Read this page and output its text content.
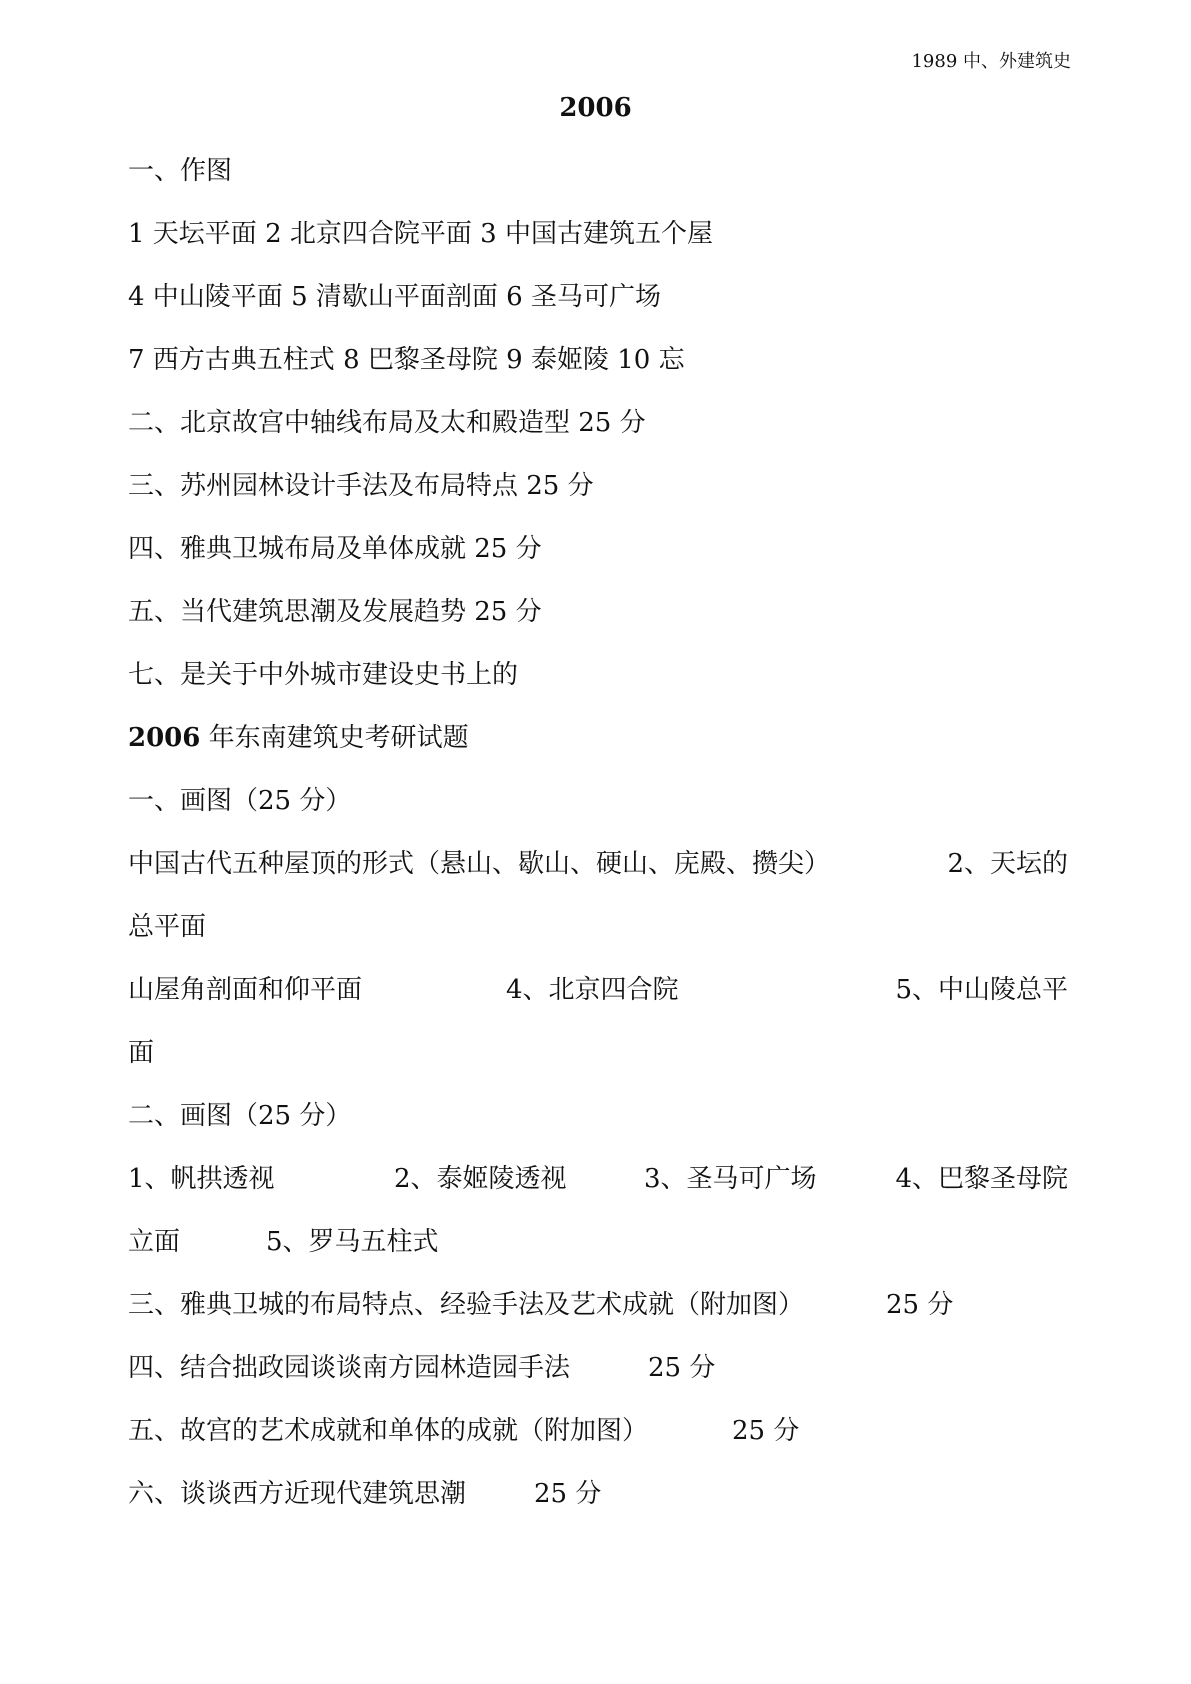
1989 中、外建筑史
2006
一、作图
1 天坛平面 2 北京四合院平面 3 中国古建筑五个屋
4 中山陵平面 5 清歇山平面剖面 6 圣马可广场
7 西方古典五柱式 8 巴黎圣母院 9 泰姬陵 10 忘
二、北京故宫中轴线布局及太和殿造型 25 分
三、苏州园林设计手法及布局特点 25 分
四、雅典卫城布局及单体成就 25 分
五、当代建筑思潮及发展趋势 25 分
七、是关于中外城市建设史书上的
2006 年东南建筑史考研试题
一、画图（25 分）
中国古代五种屋顶的形式（悬山、歇山、硬山、庑殿、攒尖）	2、天坛的
总平面
山屋角剖面和仰平面	4、北京四合院	5、中山陵总平
面
二、画图（25 分）
1、帆拱透视	2、泰姬陵透视	3、圣马可广场	4、巴黎圣母院
立面	5、罗马五柱式
三、雅典卫城的布局特点、经验手法及艺术成就（附加图）	25 分
四、结合拙政园谈谈南方园林造园手法	25 分
五、故宫的艺术成就和单体的成就（附加图）	25 分
六、谈谈西方近现代建筑思潮	25 分
